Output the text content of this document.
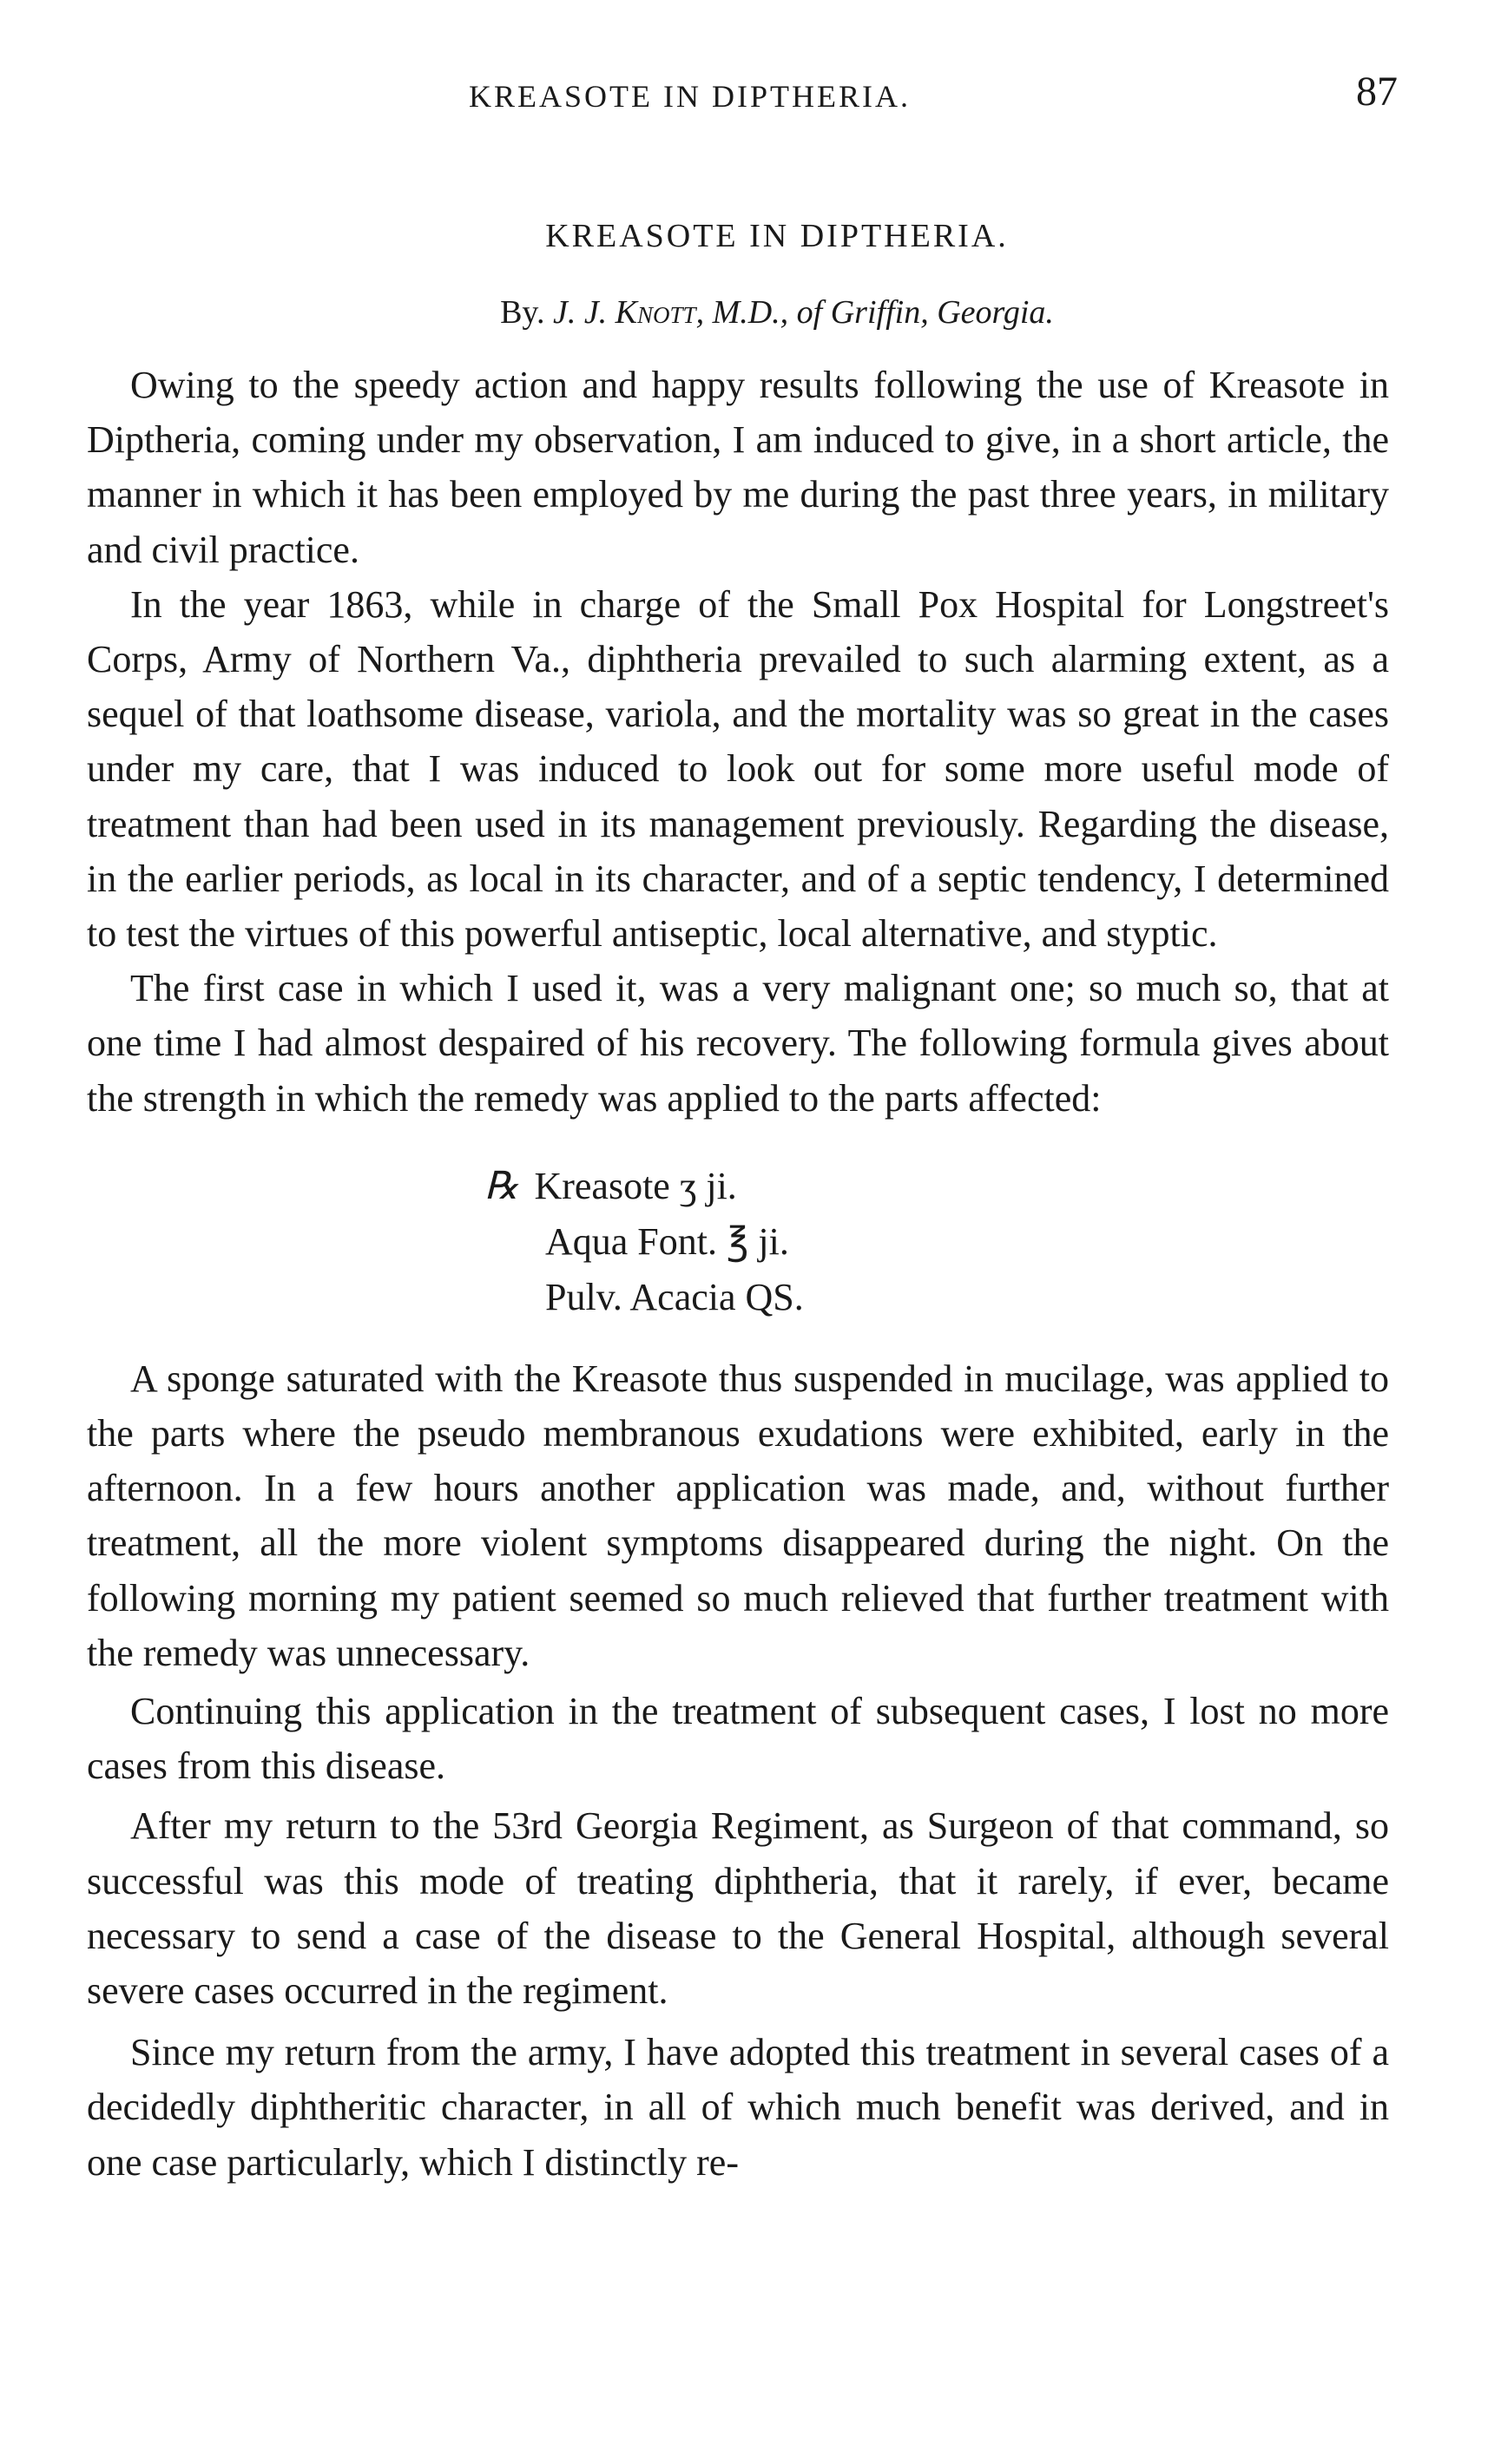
KREASOTE IN DIPTHERIA.	87
KREASOTE IN DIPTHERIA.
By. J. J. Knott, M.D., of Griffin, Georgia.

Owing to the speedy action and happy results following the use of Kreasote in Diptheria, coming under my observation, I am induced to give, in a short article, the manner in which it has been employed by me during the past three years, in military and civil practice.

In the year 1863, while in charge of the Small Pox Hospital for Longstreet's Corps, Army of Northern Va., diphtheria prevailed to such alarming extent, as a sequel of that loathsome disease, variola, and the mortality was so great in the cases under my care, that I was induced to look out for some more useful mode of treatment than had been used in its management previously. Regarding the disease, in the earlier periods, as local in its character, and of a septic tendency, I determined to test the virtues of this powerful antiseptic, local alternative, and styptic.

The first case in which I used it, was a very malignant one; so much so, that at one time I had almost despaired of his recovery. The following formula gives about the strength in which the remedy was applied to the parts affected:

℞ Kreasote ʒ ji.
Aqua Font. ℥ ji.
Pulv. Acacia QS.

A sponge saturated with the Kreasote thus suspended in mucilage, was applied to the parts where the pseudo membranous exudations were exhibited, early in the afternoon. In a few hours another application was made, and, without further treatment, all the more violent symptoms disappeared during the night. On the following morning my patient seemed so much relieved that further treatment with the remedy was unnecessary.

Continuing this application in the treatment of subsequent cases, I lost no more cases from this disease.

After my return to the 53rd Georgia Regiment, as Surgeon of that command, so successful was this mode of treating diphtheria, that it rarely, if ever, became necessary to send a case of the disease to the General Hospital, although several severe cases occurred in the regiment.

Since my return from the army, I have adopted this treatment in several cases of a decidedly diphtheritic character, in all of which much benefit was derived, and in one case particularly, which I distinctly re-
